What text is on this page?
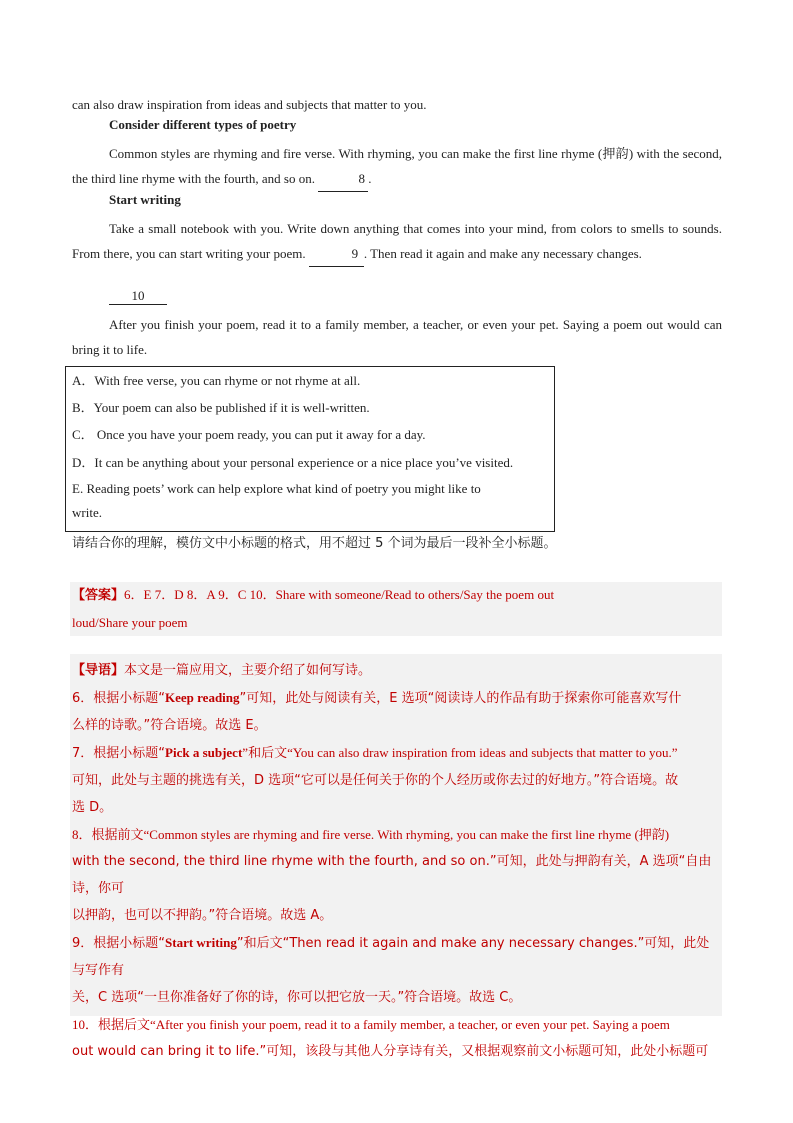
can also draw inspiration from ideas and subjects that matter to you.
Consider different types of poetry
Common styles are rhyming and fire verse. With rhyming, you can make the first line rhyme (押韵) with the second, the third line rhyme with the fourth, and so on.	8 .
Start writing
Take a small notebook with you. Write down anything that comes into your mind, from colors to smells to sounds. From there, you can start writing your poem.	9 . Then read it again and make any necessary changes.
10
After you finish your poem, read it to a family member, a teacher, or even your pet. Saying a poem out would can bring it to life.
A．With free verse, you can rhyme or not rhyme at all.
B．Your poem can also be published if it is well-written.
C． Once you have your poem ready, you can put it away for a day.
D．It can be anything about your personal experience or a nice place you’ve visited.
E. Reading poets’ work can help explore what kind of poetry you might like to
write.
请结合你的理解，模仿文中小标题的格式，用不超过 5 个词为最后一段补全小标题。
【答案】6．E 7．D 8．A 9．C 10．Share with someone/Read to others/Say the poem out
loud/Share your poem
【导语】本文是一篇应用文，主要介绍了如何写诗。
6．根据小标题“Keep reading”可知，此处与阅读有关，E 选项“阅读诗人的作品有助于探索你可能喜欢写什
么样的诗歌。”符合语境。故选 E。
7．根据小标题“Pick a subject”和后文“You can also draw inspiration from ideas and subjects that matter to you.”
可知，此处与主题的挑选有关，D 选项“它可以是任何关于你的个人经历或你去过的好地方。”符合语境。故
选 D。
8．根据前文“Common styles are rhyming and fire verse. With rhyming, you can make the first line rhyme (押韵)
with the second, the third line rhyme with the fourth, and so on.”可知，此处与押韵有关，A 选项“自由诗，你可
以押韵，也可以不押韵。”符合语境。故选 A。
9．根据小标题“Start writing”和后文“Then read it again and make any necessary changes.”可知，此处与写作有
关，C 选项“一旦你准备好了你的诗，你可以把它放一天。”符合语境。故选 C。
10．根据后文“After you finish your poem, read it to a family member, a teacher, or even your pet. Saying a poem
out would can bring it to life.”可知，该段与其他人分享诗有关，又根据观察前文小标题可知，此处小标题可
